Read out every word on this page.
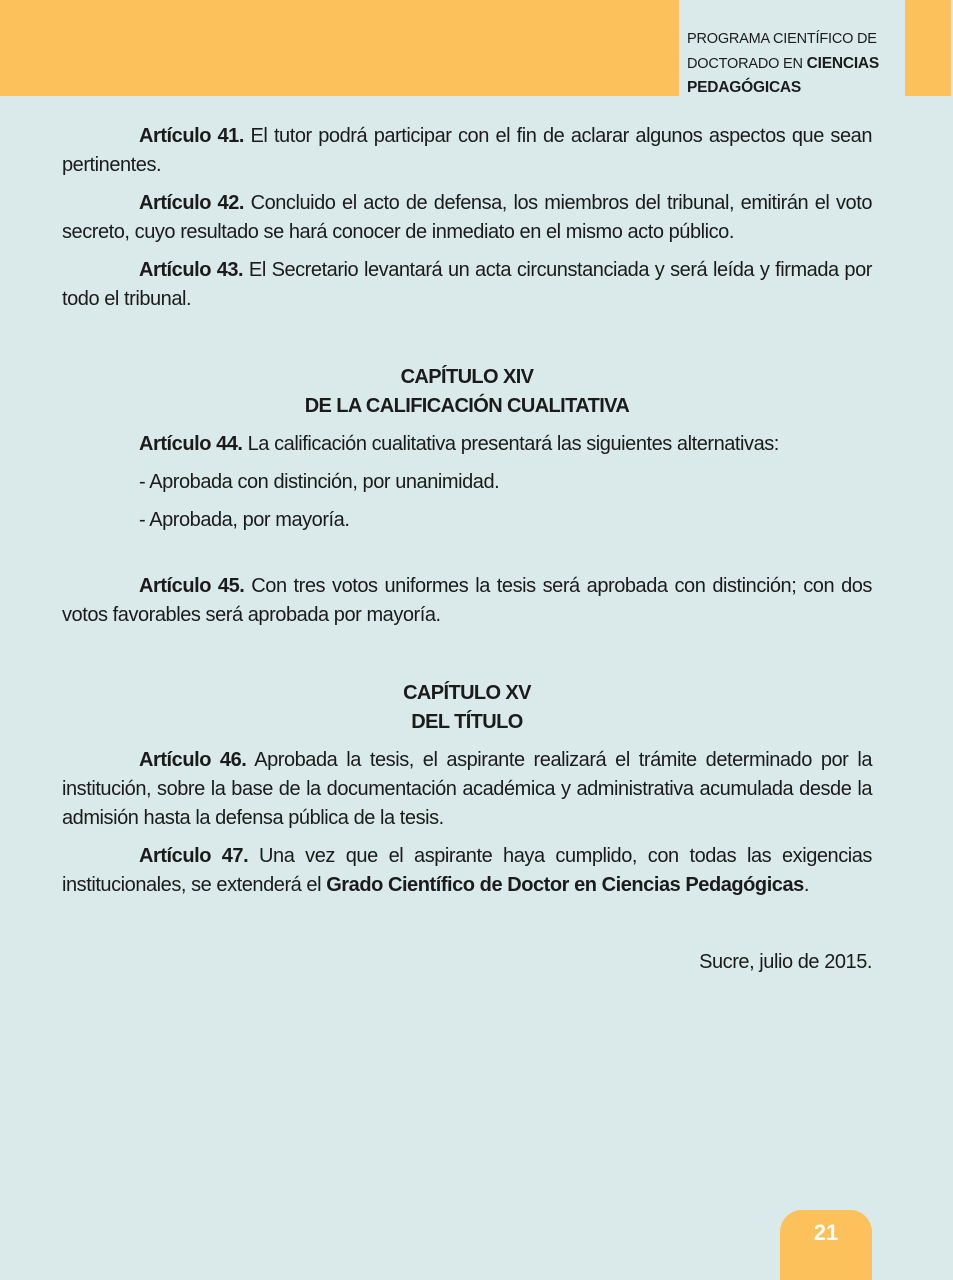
PROGRAMA CIENTÍFICO DE
DOCTORADO EN CIENCIAS
PEDAGÓGICAS

Artículo 41. El tutor podrá participar con el fin de aclarar algunos aspectos que sean pertinentes.

Artículo 42. Concluido el acto de defensa, los miembros del tribunal, emitirán el voto secreto, cuyo resultado se hará conocer de inmediato en el mismo acto público.

Artículo 43. El Secretario levantará un acta circunstanciada y será leída y firmada por todo el tribunal.

CAPÍTULO XIV
DE LA CALIFICACIÓN CUALITATIVA

Artículo 44. La calificación cualitativa presentará las siguientes alternativas:

- Aprobada con distinción, por unanimidad.

- Aprobada, por mayoría.

Artículo 45. Con tres votos uniformes la tesis será aprobada con distinción; con dos votos favorables será aprobada por mayoría.

CAPÍTULO XV
DEL TÍTULO

Artículo 46. Aprobada la tesis, el aspirante realizará el trámite determinado por la institución, sobre la base de la documentación académica y administrativa acumulada desde la admisión hasta la defensa pública de la tesis.

Artículo 47. Una vez que el aspirante haya cumplido, con todas las exigencias institucionales, se extenderá el Grado Científico de Doctor en Ciencias Pedagógicas.

Sucre, julio de 2015.
21
